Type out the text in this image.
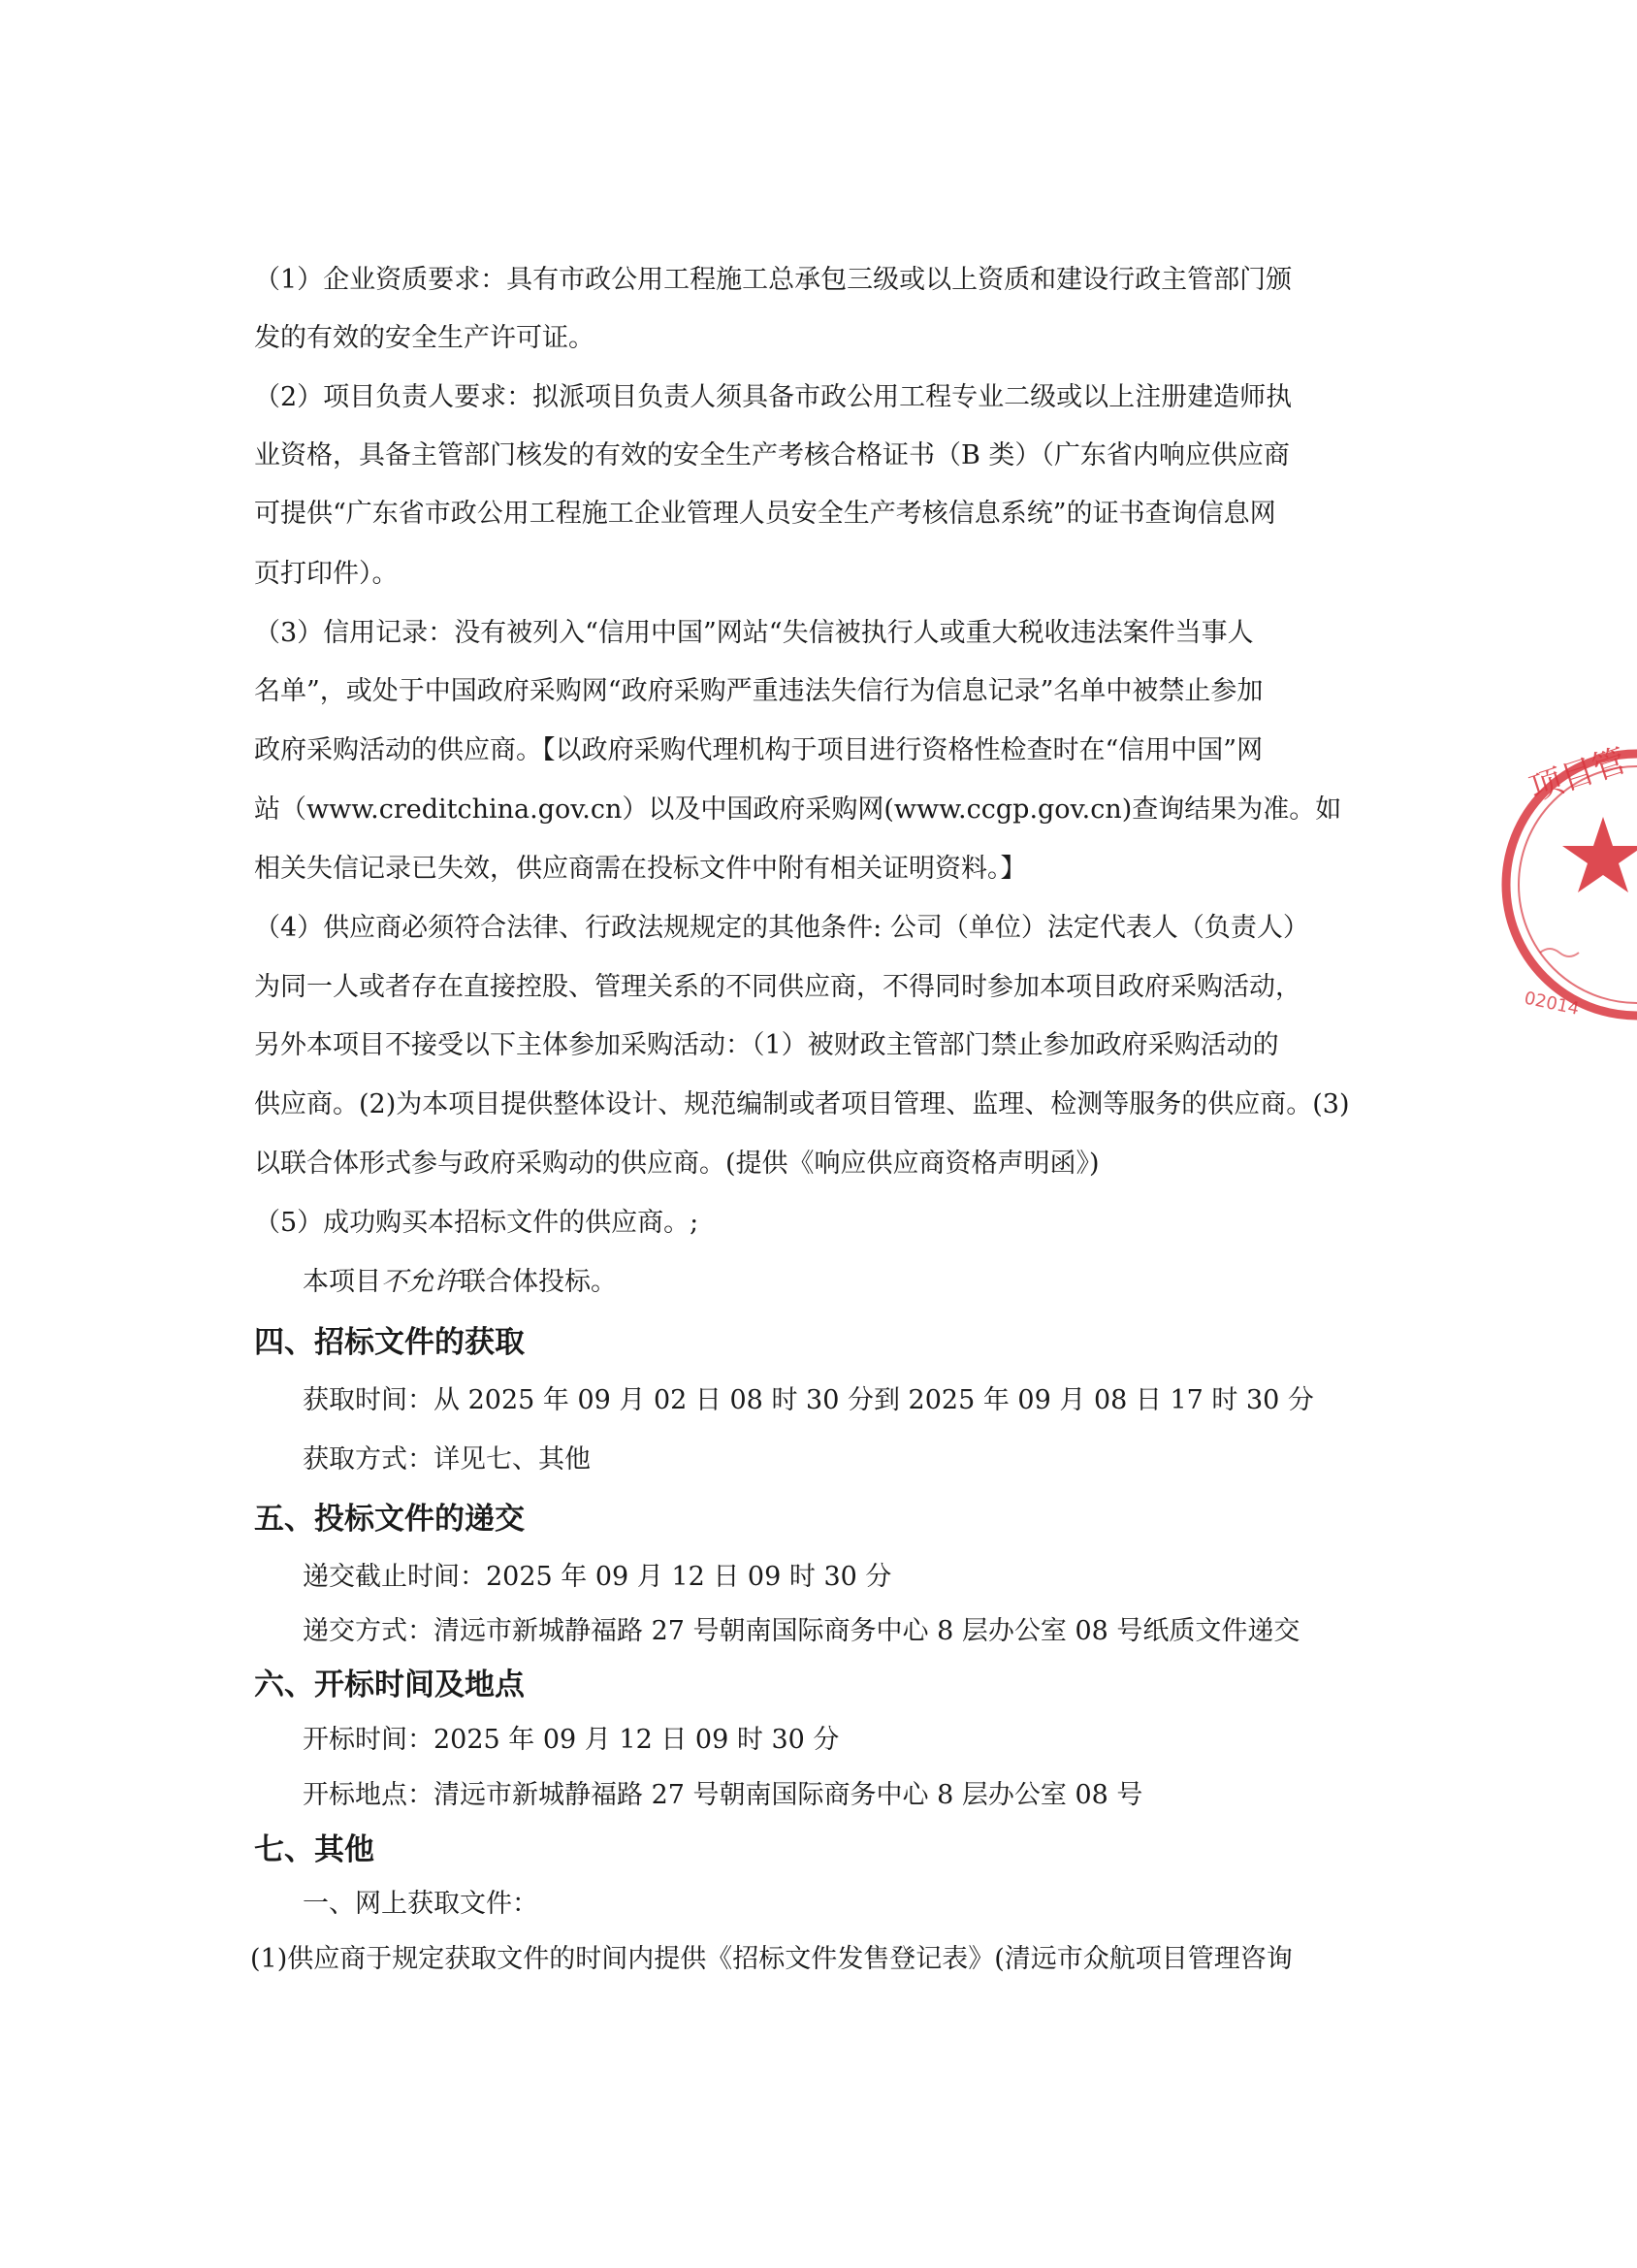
（1）企业资质要求：具有市政公用工程施工总承包三级或以上资质和建设行政主管部门颁
发的有效的安全生产许可证。
（2）项目负责人要求：拟派项目负责人须具备市政公用工程专业二级或以上注册建造师执
业资格，具备主管部门核发的有效的安全生产考核合格证书（B 类）（广东省内响应供应商
可提供“广东省市政公用工程施工企业管理人员安全生产考核信息系统”的证书查询信息网
页打印件）。
（3）信用记录：没有被列入“信用中国”网站“失信被执行人或重大税收违法案件当事人
名单”，或处于中国政府采购网“政府采购严重违法失信行为信息记录”名单中被禁止参加
政府采购活动的供应商。【以政府采购代理机构于项目进行资格性检查时在“信用中国”网
站（www.creditchina.gov.cn）以及中国政府采购网(www.ccgp.gov.cn)查询结果为准。如
相关失信记录已失效，供应商需在投标文件中附有相关证明资料。】
（4）供应商必须符合法律、行政法规规定的其他条件: 公司（单位）法定代表人（负责人）
为同一人或者存在直接控股、管理关系的不同供应商，不得同时参加本项目政府采购活动，
另外本项目不接受以下主体参加采购活动：（1）被财政主管部门禁止参加政府采购活动的
供应商。(2)为本项目提供整体设计、规范编制或者项目管理、监理、检测等服务的供应商。(3)
以联合体形式参与政府采购动的供应商。(提供《响应供应商资格声明函》)
（5）成功购买本招标文件的供应商。;
本项目不允许联合体投标。
四、招标文件的获取
获取时间：从 2025 年 09 月 02 日 08 时 30 分到 2025 年 09 月 08 日 17 时 30 分
获取方式：详见七、其他
五、投标文件的递交
递交截止时间：2025 年 09 月 12 日 09 时 30 分
递交方式：清远市新城静福路 27 号朝南国际商务中心 8 层办公室 08 号纸质文件递交
六、开标时间及地点
开标时间：2025 年 09 月 12 日 09 时 30 分
开标地点：清远市新城静福路 27 号朝南国际商务中心 8 层办公室 08 号
七、其他
一、网上获取文件：
(1)供应商于规定获取文件的时间内提供《招标文件发售登记表》(清远市众航项目管理咨询
项目管
02014
